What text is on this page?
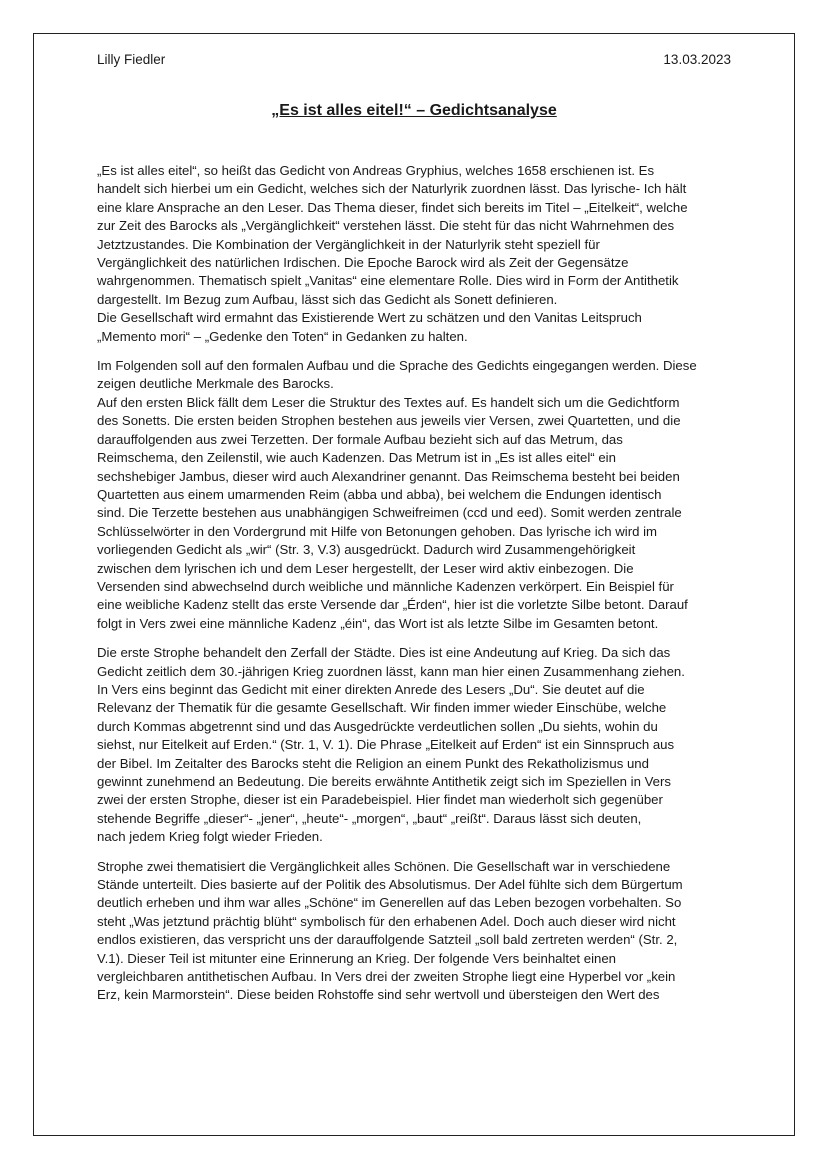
Lilly Fiedler	13.03.2023
„Es ist alles eitel!“ – Gedichtsanalyse

„Es ist alles eitel“, so heißt das Gedicht von Andreas Gryphius, welches 1658 erschienen ist. Es
handelt sich hierbei um ein Gedicht, welches sich der Naturlyrik zuordnen lässt. Das lyrische- Ich hält
eine klare Ansprache an den Leser. Das Thema dieser, findet sich bereits im Titel – „Eitelkeit“, welche
zur Zeit des Barocks als „Vergänglichkeit“ verstehen lässt. Die steht für das nicht Wahrnehmen des
Jetztzustandes. Die Kombination der Vergänglichkeit in der Naturlyrik steht speziell für
Vergänglichkeit des natürlichen Irdischen. Die Epoche Barock wird als Zeit der Gegensätze
wahrgenommen. Thematisch spielt „Vanitas“ eine elementare Rolle. Dies wird in Form der Antithetik
dargestellt. Im Bezug zum Aufbau, lässt sich das Gedicht als Sonett definieren.
Die Gesellschaft wird ermahnt das Existierende Wert zu schätzen und den Vanitas Leitspruch
„Memento mori“ – „Gedenke den Toten“ in Gedanken zu halten.

Im Folgenden soll auf den formalen Aufbau und die Sprache des Gedichts eingegangen werden. Diese
zeigen deutliche Merkmale des Barocks.
Auf den ersten Blick fällt dem Leser die Struktur des Textes auf. Es handelt sich um die Gedichtform
des Sonetts. Die ersten beiden Strophen bestehen aus jeweils vier Versen, zwei Quartetten, und die
darauffolgenden aus zwei Terzetten. Der formale Aufbau bezieht sich auf das Metrum, das
Reimschema, den Zeilenstil, wie auch Kadenzen. Das Metrum ist in „Es ist alles eitel“ ein
sechshebiger Jambus, dieser wird auch Alexandriner genannt. Das Reimschema besteht bei beiden
Quartetten aus einem umarmenden Reim (abba und abba), bei welchem die Endungen identisch
sind. Die Terzette bestehen aus unabhängigen Schweifreimen (ccd und eed). Somit werden zentrale
Schlüsselwörter in den Vordergrund mit Hilfe von Betonungen gehoben. Das lyrische ich wird im
vorliegenden Gedicht als „wir“ (Str. 3, V.3) ausgedrückt. Dadurch wird Zusammengehörigkeit
zwischen dem lyrischen ich und dem Leser hergestellt, der Leser wird aktiv einbezogen. Die
Versenden sind abwechselnd durch weibliche und männliche Kadenzen verkörpert. Ein Beispiel für
eine weibliche Kadenz stellt das erste Versende dar „Érden“, hier ist die vorletzte Silbe betont. Darauf
folgt in Vers zwei eine männliche Kadenz „éin“, das Wort ist als letzte Silbe im Gesamten betont.

Die erste Strophe behandelt den Zerfall der Städte. Dies ist eine Andeutung auf Krieg. Da sich das
Gedicht zeitlich dem 30.-jährigen Krieg zuordnen lässt, kann man hier einen Zusammenhang ziehen.
In Vers eins beginnt das Gedicht mit einer direkten Anrede des Lesers „Du“. Sie deutet auf die
Relevanz der Thematik für die gesamte Gesellschaft. Wir finden immer wieder Einschübe, welche
durch Kommas abgetrennt sind und das Ausgedrückte verdeutlichen sollen „Du siehts, wohin du
siehst, nur Eitelkeit auf Erden.“ (Str. 1, V. 1). Die Phrase „Eitelkeit auf Erden“ ist ein Sinnspruch aus
der Bibel. Im Zeitalter des Barocks steht die Religion an einem Punkt des Rekatholizismus und
gewinnt zunehmend an Bedeutung. Die bereits erwähnte Antithetik zeigt sich im Speziellen in Vers
zwei der ersten Strophe, dieser ist ein Paradebeispiel. Hier findet man wiederholt sich gegenüber
stehende Begriffe „dieser“- „jener“, „heute“- „morgen“, „baut“ „reißt“. Daraus lässt sich deuten,
nach jedem Krieg folgt wieder Frieden.

Strophe zwei thematisiert die Vergänglichkeit alles Schönen. Die Gesellschaft war in verschiedene
Stände unterteilt. Dies basierte auf der Politik des Absolutismus. Der Adel fühlte sich dem Bürgertum
deutlich erheben und ihm war alles „Schöne“ im Generellen auf das Leben bezogen vorbehalten. So
steht „Was jetztund prächtig blüht“ symbolisch für den erhabenen Adel. Doch auch dieser wird nicht
endlos existieren, das verspricht uns der darauffolgende Satzteil „soll bald zertreten werden“ (Str. 2,
V.1). Dieser Teil ist mitunter eine Erinnerung an Krieg. Der folgende Vers beinhaltet einen
vergleichbaren antithetischen Aufbau. In Vers drei der zweiten Strophe liegt eine Hyperbel vor „kein
Erz, kein Marmorstein“. Diese beiden Rohstoffe sind sehr wertvoll und übersteigen den Wert des
